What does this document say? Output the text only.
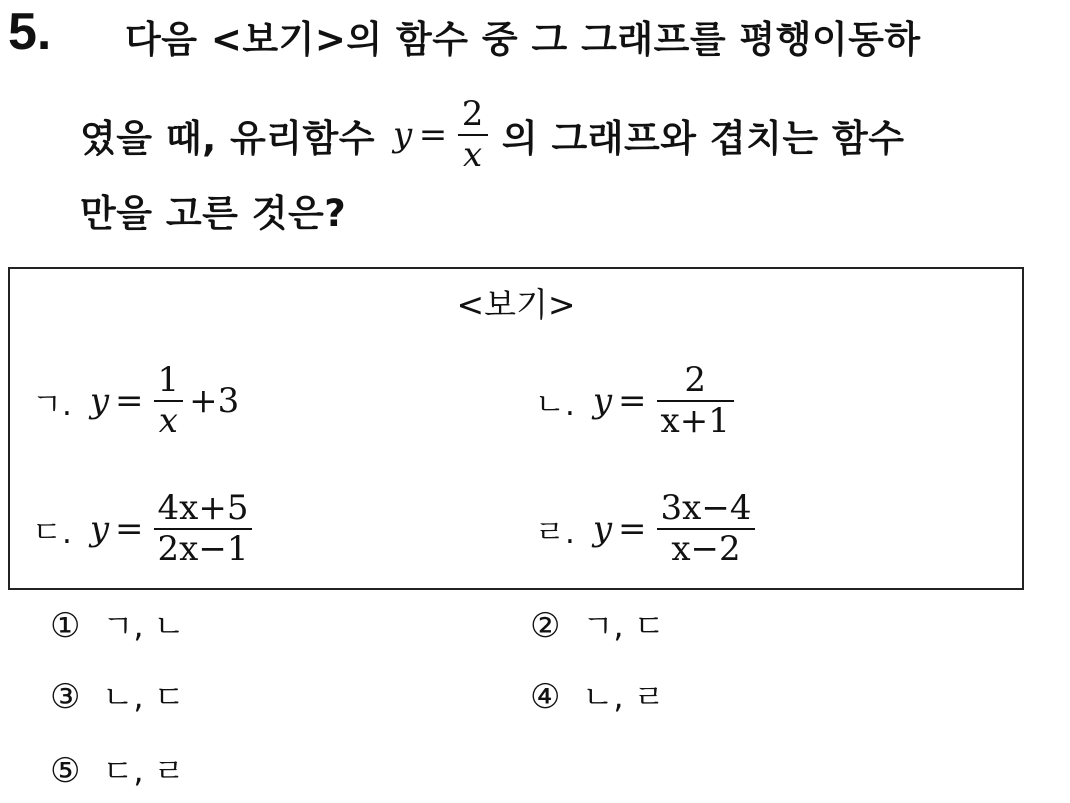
5. 다음 <보기>의 함수 중 그 그래프를 평행이동하
였을 때, 유리함수 $y = \frac{2}{x}$ 의 그래프와 겹치는 함수
만을 고른 것은?
<보기>
ㄱ. $y = \frac{1}{x} +3$	ㄴ. $y = \frac{2}{x+1}$
ㄷ. $y = \frac{4x+5}{2x-1}$	ㄹ. $y = \frac{3x-4}{x-2}$
① ㄱ, ㄴ	② ㄱ, ㄷ
③ ㄴ, ㄷ	④ ㄴ, ㄹ
⑤ ㄷ, ㄹ
